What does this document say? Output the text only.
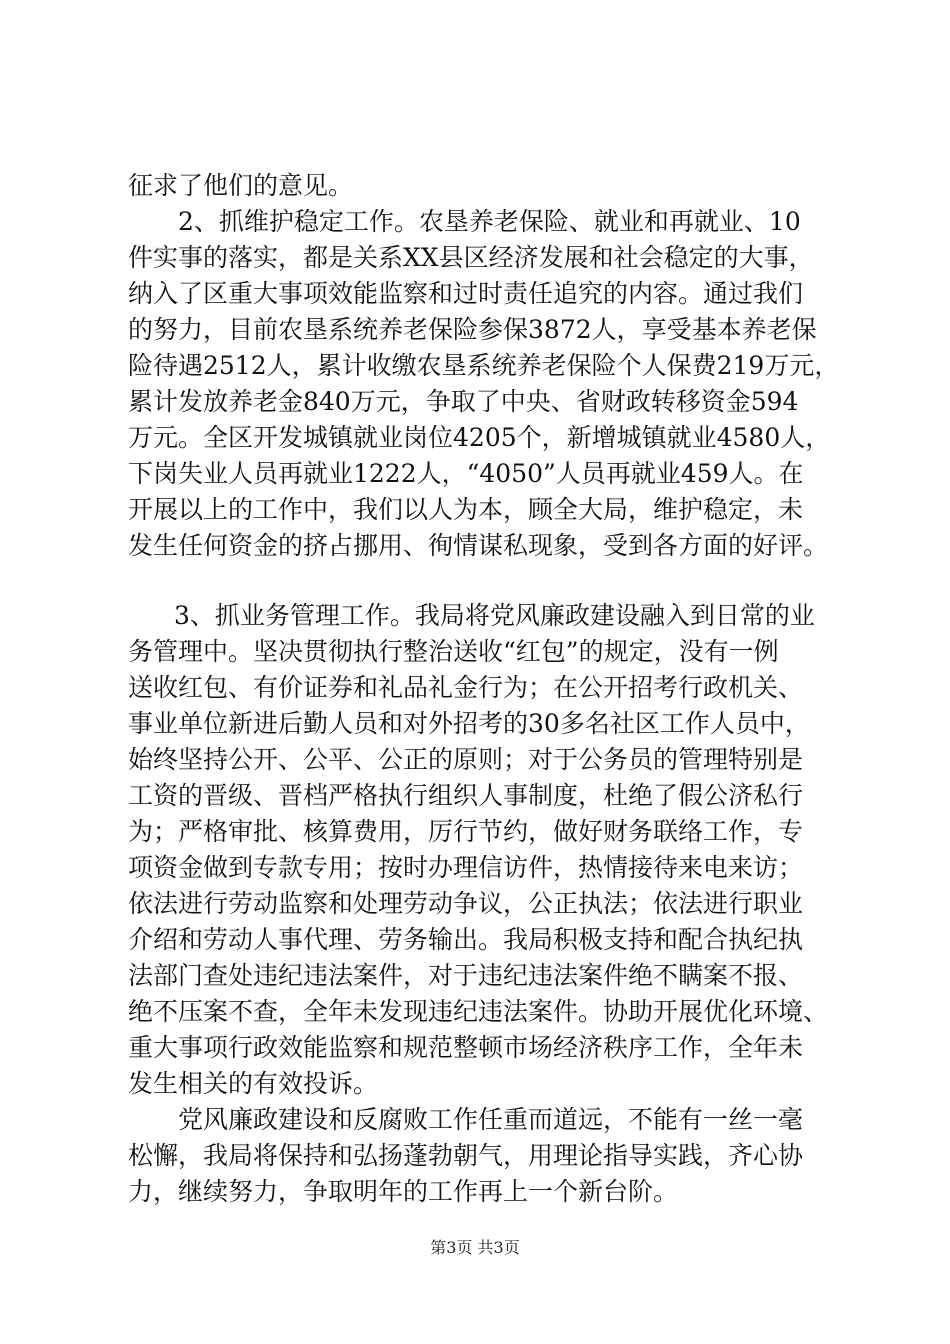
征求了他们的意见。
2、抓维护稳定工作。农垦养老保险、就业和再就业、10
件实事的落实，都是关系XX县区经济发展和社会稳定的大事，
纳入了区重大事项效能监察和过时责任追究的内容。通过我们
的努力，目前农垦系统养老保险参保3872人，享受基本养老保
险待遇2512人，累计收缴农垦系统养老保险个人保费219万元，
累计发放养老金840万元，争取了中央、省财政转移资金594
万元。全区开发城镇就业岗位4205个，新增城镇就业4580人，
下岗失业人员再就业1222人，“4050”人员再就业459人。在
开展以上的工作中，我们以人为本，顾全大局，维护稳定，未
发生任何资金的挤占挪用、徇情谋私现象，受到各方面的好评。
3、抓业务管理工作。我局将党风廉政建设融入到日常的业
务管理中。坚决贯彻执行整治送收“红包”的规定，没有一例
送收红包、有价证券和礼品礼金行为；在公开招考行政机关、
事业单位新进后勤人员和对外招考的30多名社区工作人员中，
始终坚持公开、公平、公正的原则；对于公务员的管理特别是
工资的晋级、晋档严格执行组织人事制度，杜绝了假公济私行
为；严格审批、核算费用，厉行节约，做好财务联络工作，专
项资金做到专款专用；按时办理信访件，热情接待来电来访；
依法进行劳动监察和处理劳动争议，公正执法；依法进行职业
介绍和劳动人事代理、劳务输出。我局积极支持和配合执纪执
法部门查处违纪违法案件，对于违纪违法案件绝不瞒案不报、
绝不压案不查，全年未发现违纪违法案件。协助开展优化环境、
重大事项行政效能监察和规范整顿市场经济秩序工作，全年未
发生相关的有效投诉。
党风廉政建设和反腐败工作任重而道远，不能有一丝一毫
松懈，我局将保持和弘扬蓬勃朝气，用理论指导实践，齐心协
力，继续努力，争取明年的工作再上一个新台阶。
第3页 共3页
